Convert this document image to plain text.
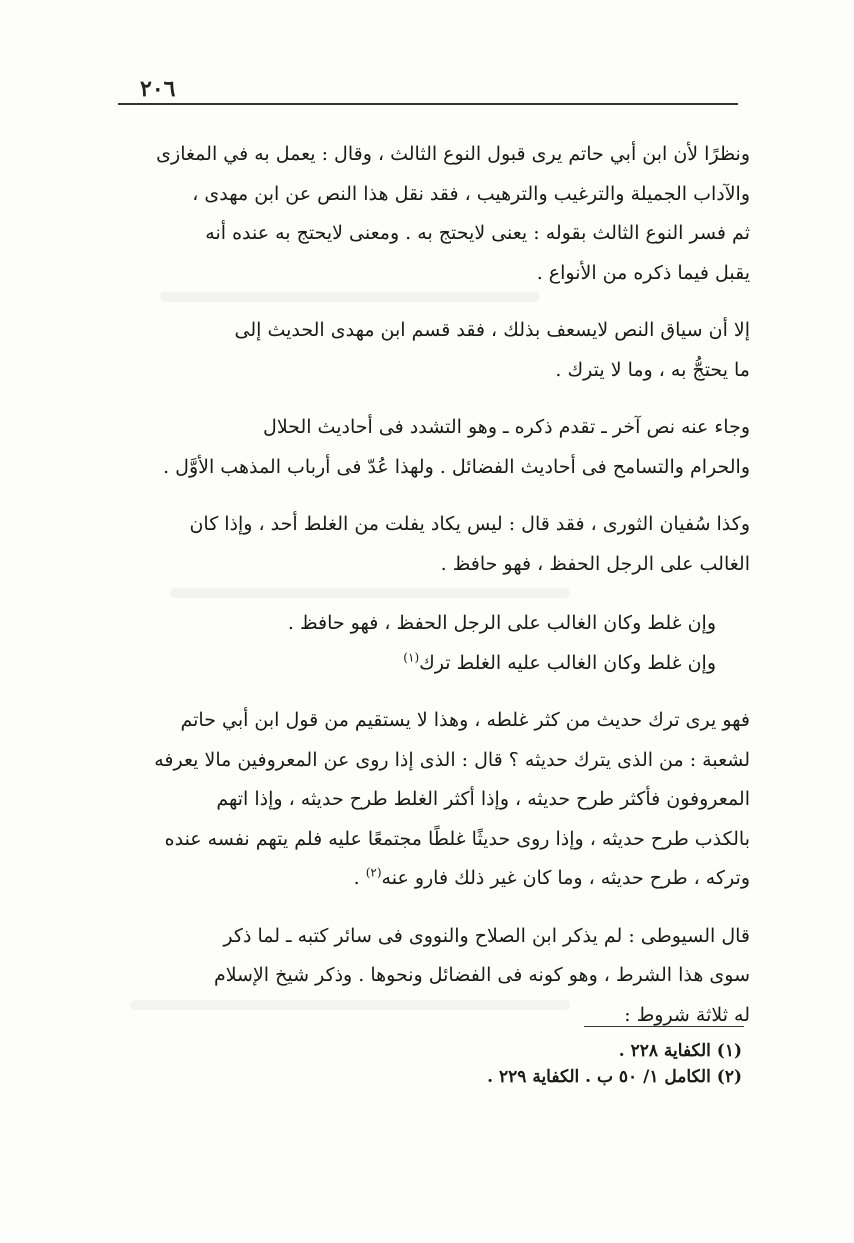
٢٠٦

ونظرًا لأن ابن أبي حاتم يرى قبول النوع الثالث ، وقال : يعمل به في المغازى

والآداب الجميلة والترغيب والترهيب ، فقد نقل هذا النص عن ابن مهدى ،

ثم فسر النوع الثالث بقوله : يعنى لايحتج به . ومعنى لايحتج به عنده أنه

يقبل فيما ذكره من الأنواع .

إلا أن سياق النص لايسعف بذلك ، فقد قسم ابن مهدى الحديث إلى

ما يحتجُّ به ، وما لا يترك .

وجاء عنه نص آخر ـ تقدم ذكره ـ وهو التشدد فى أحاديث الحلال

والحرام والتسامح فى أحاديث الفضائل . ولهذا عُدّ فى أرباب المذهب الأوَّل .

وكذا سُفيان الثورى ، فقد قال : ليس يكاد يفلت من الغلط أحد ، وإذا كان

الغالب على الرجل الحفظ ، فهو حافظ .

وإن غلط وكان الغالب على الرجل الحفظ ، فهو حافظ .

وإن غلط وكان الغالب عليه الغلط ترك$^{(١)}$

فهو يرى ترك حديث من كثر غلطه ، وهذا لا يستقيم من قول ابن أبي حاتم

لشعبة : من الذى يترك حديثه ؟ قال : الذى إذا روى عن المعروفين مالا يعرفه

المعروفون فأكثر طرح حديثه ، وإذا أكثر الغلط طرح حديثه ، وإذا اتهم

بالكذب طرح حديثه ، وإذا روى حديثًا غلطًا مجتمعًا عليه فلم يتهم نفسه عنده

وتركه ، طرح حديثه ، وما كان غير ذلك فارو عنه$^{(٢)}$ .

قال السيوطى : لم يذكر ابن الصلاح والنووى فى سائر كتبه ـ لما ذكر

سوى هذا الشرط ، وهو كونه فى الفضائل ونحوها . وذكر شيخ الإسلام

له ثلاثة شروط :

(١) الكفاية ٢٢٨ .

(٢) الكامل ١/ ٥٠ ب . الكفاية ٢٢٩ .
